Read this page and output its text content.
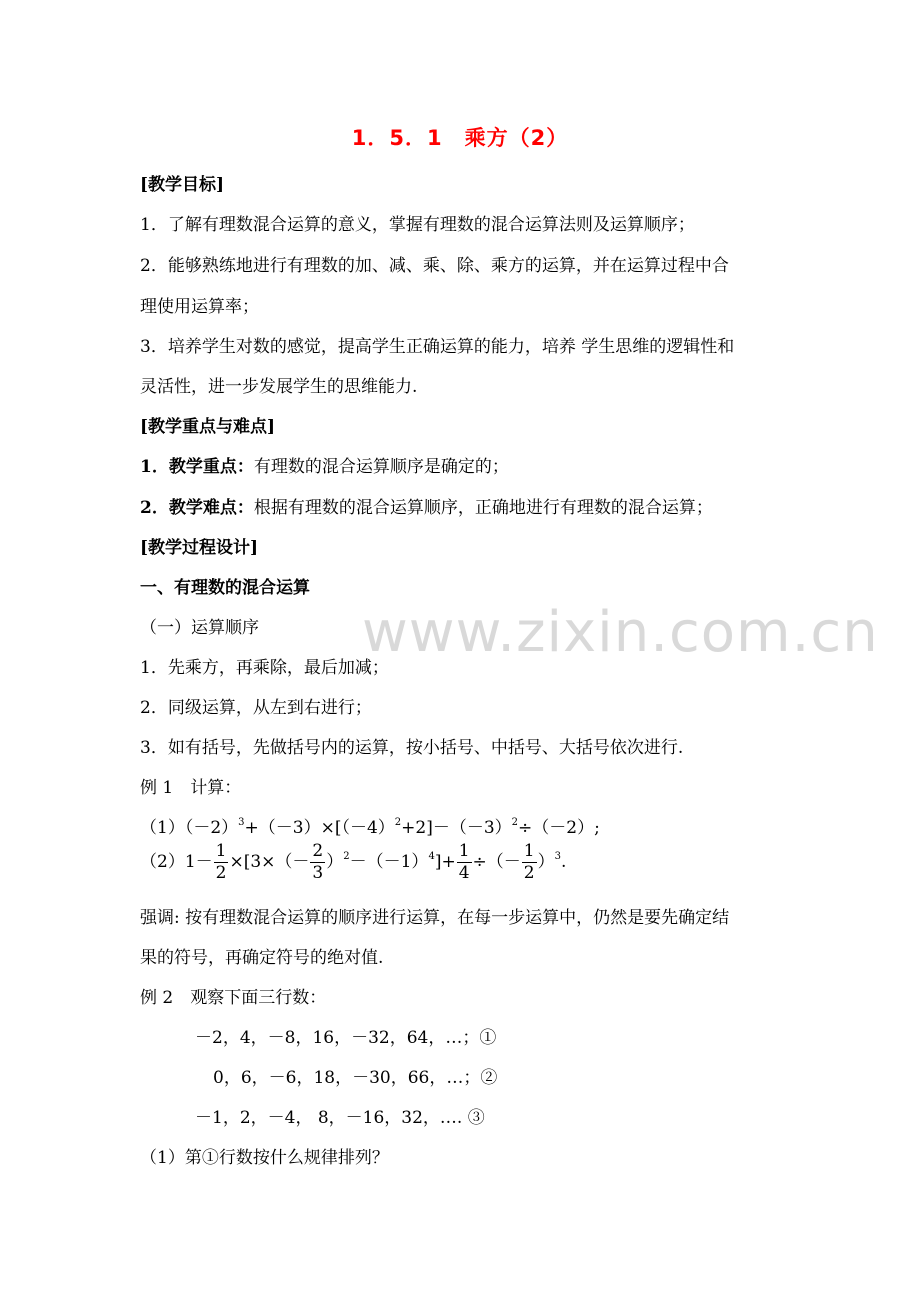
www.zixin.com.cn
1．5．1　乘方（2）
[教学目标]
1．了解有理数混合运算的意义，掌握有理数的混合运算法则及运算顺序；
2．能够熟练地进行有理数的加、减、乘、除、乘方的运算，并在运算过程中合
理使用运算率；
3．培养学生对数的感觉，提高学生正确运算的能力，培养 学生思维的逻辑性和
灵活性，进一步发展学生的思维能力.
[教学重点与难点]
1．教学重点：有理数的混合运算顺序是确定的；
2．教学难点：根据有理数的混合运算顺序，正确地进行有理数的混合运算；
[教学过程设计]
一、有理数的混合运算
（一）运算顺序
1．先乘方，再乘除，最后加减；
2．同级运算，从左到右进行；
3．如有括号，先做括号内的运算，按小括号、中括号、大括号依次进行.
例 1　计算：
$(1)(-2)^3+(-3)\times[(-4)^2+2]-(-3)^2\div(-2)$;
$(2)1- \frac{1}{2} \times[3\times(- \frac{2}{3} )^2-(-1)^4]+ \frac{1}{4}$ ÷（－ $\frac{1}{2} )^3$.
强调: 按有理数混合运算的顺序进行运算，在每一步运算中，仍然是要先确定结
果的符号，再确定符号的绝对值.
例 2　观察下面三行数：
－2，4，－8，16，－32，64，…；①
0，6，－6，18，－30，66，…；②
－1，2，－4， 8，－16，32，…. ③
（1）第①行数按什么规律排列？
